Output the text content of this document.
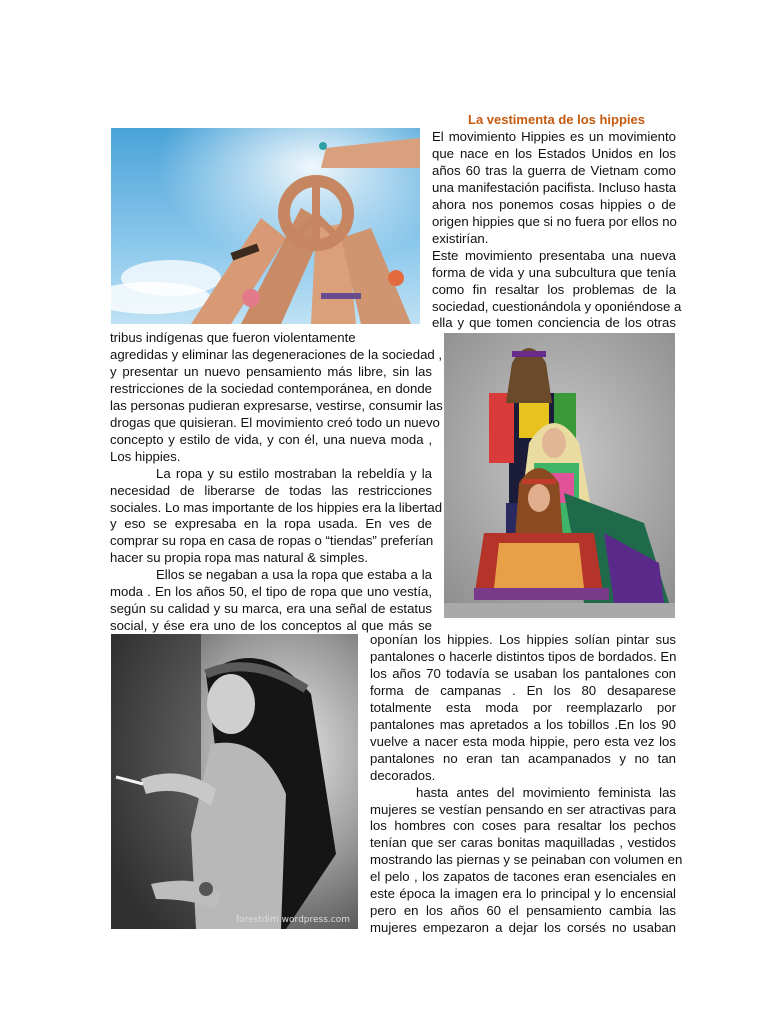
La vestimenta de los hippies
forestdim.wordpress.com
El movimiento Hippies es un movimiento
que nace en los Estados Unidos en los
años 60 tras la guerra de Vietnam como
una manifestación pacifista. Incluso hasta
ahora nos ponemos cosas hippies o de
origen hippies que si no fuera por ellos no
existirían.
Este movimiento presentaba una nueva
forma de vida y una subcultura que tenía
como fin resaltar los problemas de la
sociedad, cuestionándola y oponiéndose a
ella y que tomen conciencia de los otras
tribus indígenas que fueron violentamente
agredidas y eliminar las degeneraciones de la sociedad ,
y presentar un nuevo pensamiento más libre, sin las
restricciones de la sociedad contemporánea, en donde
las personas pudieran expresarse, vestirse, consumir las
drogas que quisieran. El movimiento creó todo un nuevo
concepto y estilo de vida, y con él, una nueva moda ,
Los hippies.
La ropa y su estilo mostraban la rebeldía y la
necesidad de liberarse de todas las restricciones
sociales. Lo mas importante de los hippies era la libertad
y eso se expresaba en la ropa usada. En ves de
comprar su ropa en casa de ropas o “tiendas” preferían
hacer su propia ropa mas natural & simples.
Ellos se negaban a usa la ropa que estaba a la
moda . En los años 50, el tipo de ropa que uno vestía,
según su calidad y su marca, era una señal de estatus
social, y ése era uno de los conceptos al que más se
oponían los hippies. Los hippies solían pintar sus
pantalones o hacerle distintos tipos de bordados. En
los años 70 todavía se usaban los pantalones con
forma de campanas . En los 80 desaparese
totalmente esta moda por reemplazarlo por
pantalones mas apretados a los tobillos .En los 90
vuelve a nacer esta moda hippie, pero esta vez los
pantalones no eran tan acampanados y no tan
decorados.
hasta antes del movimiento feminista las
mujeres se vestían pensando en ser atractivas para
los hombres con coses para resaltar los pechos
tenían que ser caras bonitas maquilladas , vestidos
mostrando las piernas y se peinaban con volumen en
el pelo , los zapatos de tacones eran esenciales en
este época la imagen era lo principal y lo encensial
pero en los años 60 el pensamiento cambia las
mujeres empezaron a dejar los corsés no usaban
